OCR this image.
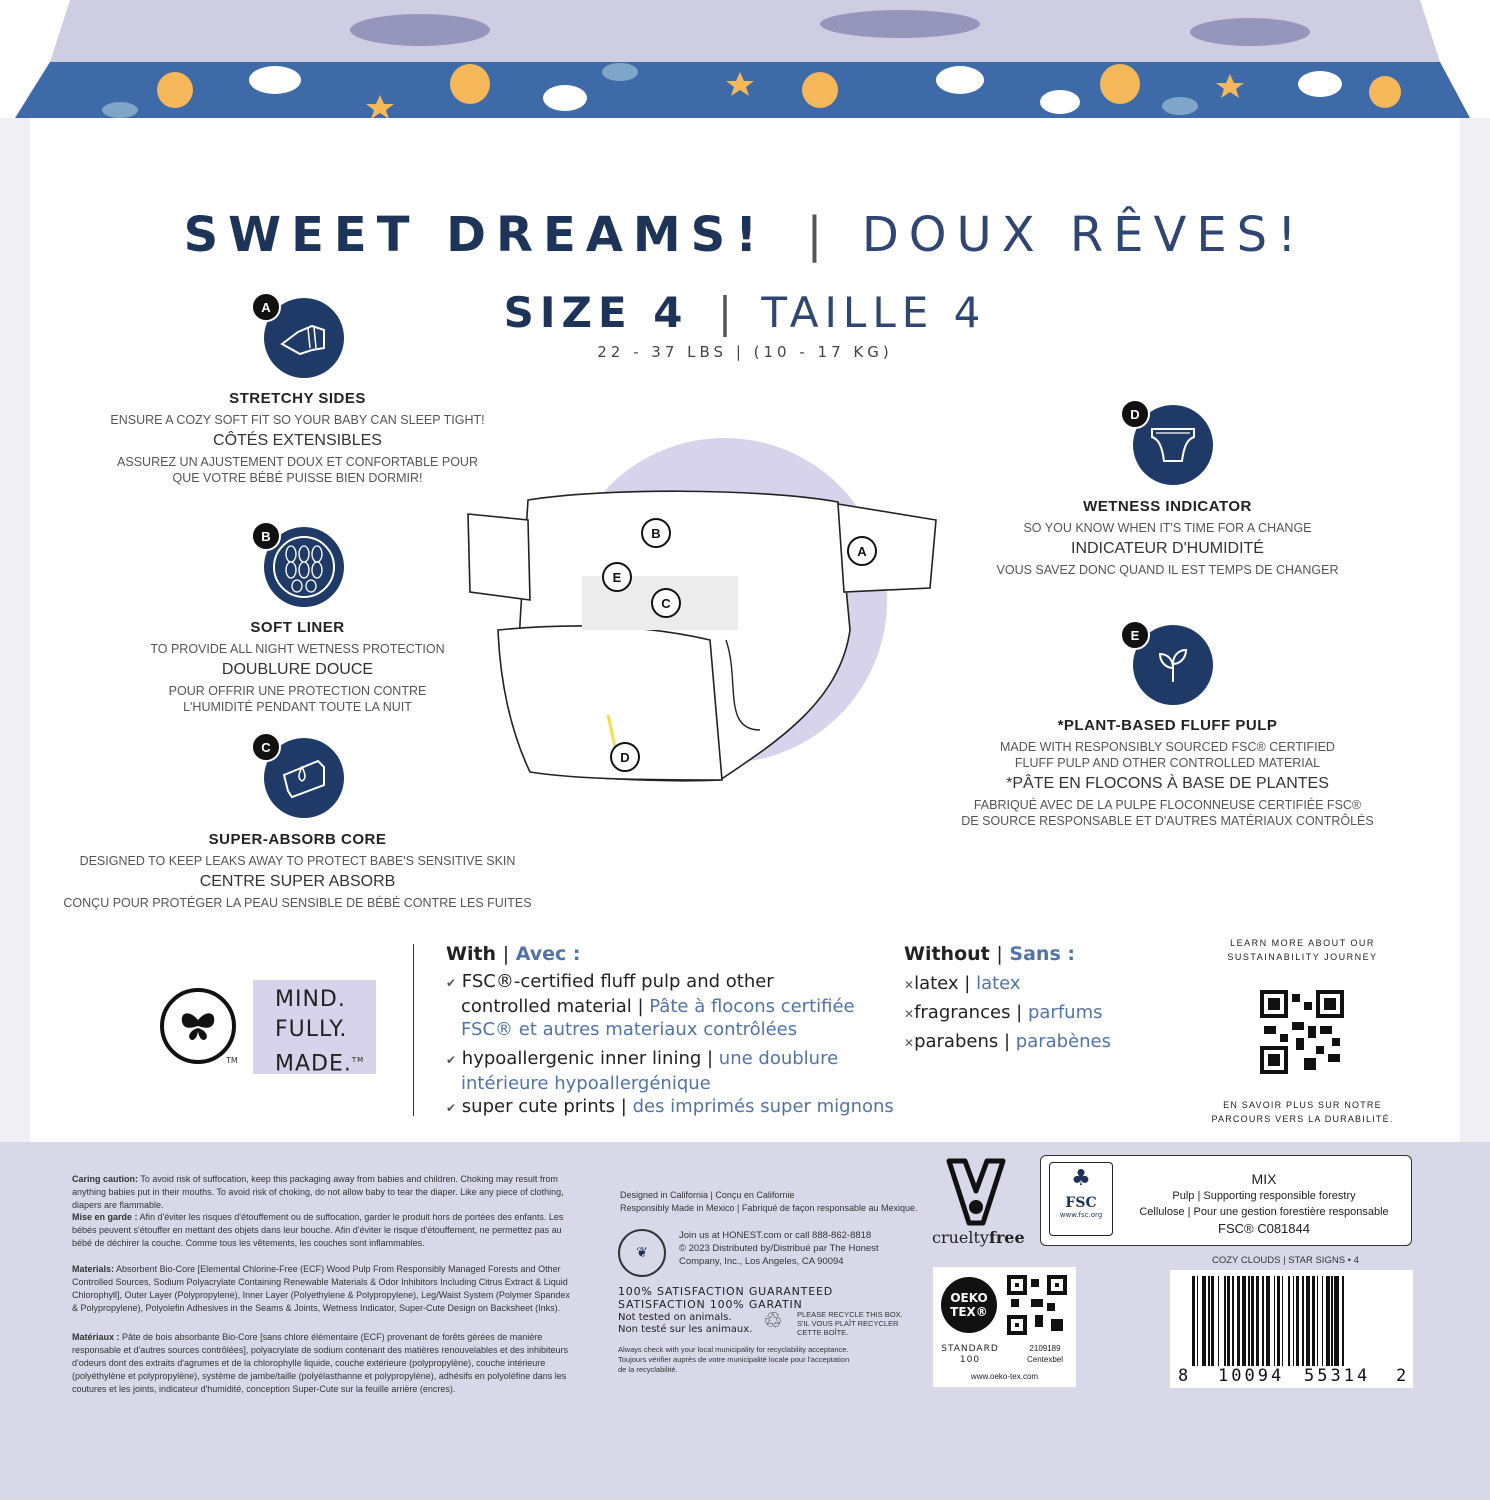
SWEET DREAMS! | DOUX RÊVES!
SIZE 4 | TAILLE 4
22 - 37 LBS | (10 - 17 KG)
A
STRETCHY SIDES
ENSURE A COZY SOFT FIT SO YOUR BABY CAN SLEEP TIGHT!
CÔTÉS EXTENSIBLES
ASSUREZ UN AJUSTEMENT DOUX ET CONFORTABLE POUR
QUE VOTRE BÉBÉ PUISSE BIEN DORMIR!
B
SOFT LINER
TO PROVIDE ALL NIGHT WETNESS PROTECTION
DOUBLURE DOUCE
POUR OFFRIR UNE PROTECTION CONTRE
L'HUMIDITÉ PENDANT TOUTE LA NUIT
C
SUPER-ABSORB CORE
DESIGNED TO KEEP LEAKS AWAY TO PROTECT BABE'S SENSITIVE SKIN
CENTRE SUPER ABSORB
CONÇU POUR PROTÉGER LA PEAU SENSIBLE DE BÉBÉ CONTRE LES FUITES
D
WETNESS INDICATOR
SO YOU KNOW WHEN IT'S TIME FOR A CHANGE
INDICATEUR D'HUMIDITÉ
VOUS SAVEZ DONC QUAND IL EST TEMPS DE CHANGER
E
*PLANT-BASED FLUFF PULP
MADE WITH RESPONSIBLY SOURCED FSC® CERTIFIED
FLUFF PULP AND OTHER CONTROLLED MATERIAL
*PÂTE EN FLOCONS À BASE DE PLANTES
FABRIQUÉ AVEC DE LA PULPE FLOCONNEUSE CERTIFIÉE FSC®
DE SOURCE RESPONSABLE ET D'AUTRES MATÉRIAUX CONTRÔLÉS
B
E
C
A
D
TM
MIND.
FULLY.
MADE.™
With | Avec :
✔ FSC®-certified fluff pulp and other
controlled material | Pâte à flocons certifiée
FSC® et autres materiaux contrôlées
✔ hypoallergenic inner lining | une doublure
intérieure hypoallergénique
✔ super cute prints | des imprimés super mignons
Without | Sans :
✕latex | latex
✕fragrances | parfums
✕parabens | parabènes
LEARN MORE ABOUT OUR
SUSTAINABILITY JOURNEY
EN SAVOIR PLUS SUR NOTRE
PARCOURS VERS LA DURABILITÉ.
Caring caution: To avoid risk of suffocation, keep this packaging away from babies and children. Choking may result from anything babies put in their mouths. To avoid risk of choking, do not allow baby to tear the diaper. Like any piece of clothing, diapers are flammable.
Mise en garde : Afin d'éviter les risques d'étouffement ou de suffocation, garder le produit hors de portées des enfants. Les bébés peuvent s'étouffer en mettant des objets dans leur bouche. Afin d'éviter le risque d'étouffement, ne permettez pas au bébé de déchirer la couche. Comme tous les vêtements, les couches sont inflammables.
Materials: Absorbent Bio-Core [Elemental Chlorine-Free (ECF) Wood Pulp From Responsibly Managed Forests and Other Controlled Sources, Sodium Polyacrylate Containing Renewable Materials & Odor Inhibitors Including Citrus Extract & Liquid Chlorophyll], Outer Layer (Polypropylene), Inner Layer (Polyethylene & Polypropylene), Leg/Waist System (Polymer Spandex & Polypropylene), Polyolefin Adhesives in the Seams & Joints, Wetness Indicator, Super-Cute Design on Backsheet (Inks).
Matériaux : Pâte de bois absorbante Bio-Core [sans chlore élémentaire (ECF) provenant de forêts gérées de manière responsable et d'autres sources contrôlées], polyacrylate de sodium contenant des matières renouvelables et des inhibiteurs d'odeurs dont des extraits d'agrumes et de la chlorophylle liquide, couche extérieure (polypropylène), couche intérieure (polyéthylène et polypropylène), système de jambe/taille (polyélasthanne et polypropylène), adhésifs en polyoléfine dans les coutures et les joints, indicateur d'humidité, conception Super-Cute sur la feuille arrière (encres).
Designed in California | Conçu en Californie
Responsibly Made in Mexico | Fabriqué de façon responsable au Mexique.
❦
Join us at HONEST.com or call 888-862-8818
© 2023 Distributed by/Distribué par The Honest
Company, Inc., Los Angeles, CA 90094
100% SATISFACTION GUARANTEED
SATISFACTION 100% GARATIN
Not tested on animals.
Non testé sur les animaux. ♲ PLEASE RECYCLE THIS BOX.
S'IL VOUS PLAÎT RECYCLER
CETTE BOÎTE.
Always check with your local municipality for recyclability acceptance.
Toujours vérifier auprès de votre municipalité locale pour l'acceptation
de la recyclabilité.
crueltyfree
♣
FSC
www.fsc.org
MIX
Pulp | Supporting responsible forestry
Cellulose | Pour une gestion forestière responsable
FSC® C081844
OEKO
TEX®
STANDARD
100
2109189
Centexbel
www.oeko-tex.com
COZY CLOUDS | STAR SIGNS • 4
8 10094 55314 2
